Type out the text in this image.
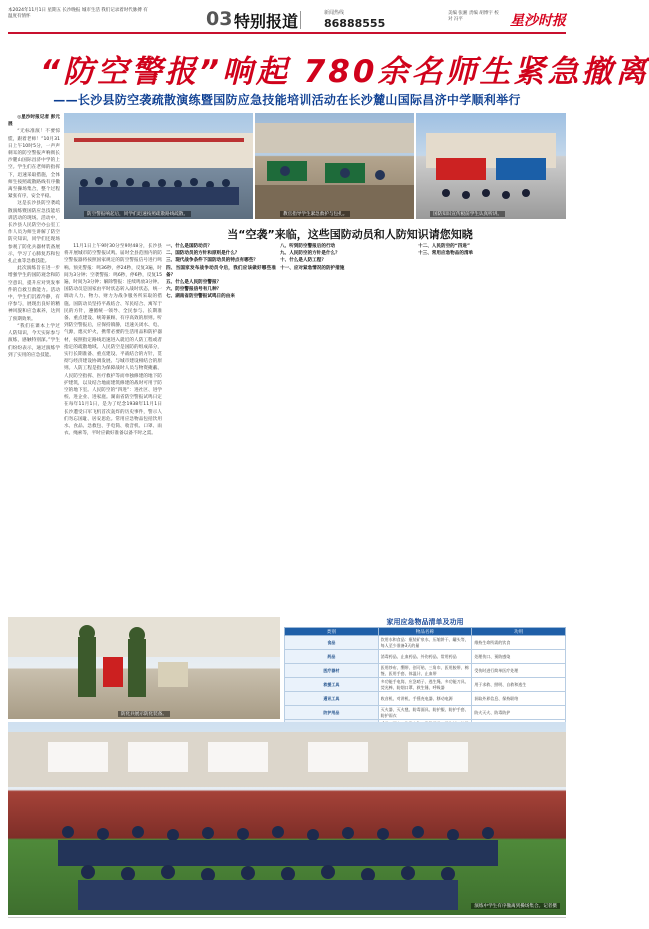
本2024年11月1日 星期五 长沙晚报 城市生活 我们记录着时代脉搏 有温度有情怀	03 特别报道	新闻热线
86888555
美编 张湘 责编 胡博宇 校对 冯平	星沙时报
“防空警报”响起 780余名师生紧急撤离
——长沙县防空袭疏散演练暨国防应急技能培训活动在长沙麓山国际昌济中学顺利举行

◎星沙时报记者 彭元展

“无标准演！不要惊慌，跟着老师！”10月31日上午10时5分，一声声刺耳的防空警报声响彻长沙麓山国际昌济中学的上空。学生们在老师的指挥下，迅速采取措施，全体师生按照疏散路线有序撤离至操场集合，整个过程紧张有序，安全平稳。

这是长沙县防空袭疏散演练暨国防应急技能培训活动的现场。活动中，长沙县人民防空办公室工作人员为师生讲解了防空防灾知识，同学们还现场参观了防化兵器材装备展示，学习了心肺复苏和包扎止血等急救技能。

此次演练旨在进一步增强学生的国防观念和防空意识，提升应对突发事件的自救互救能力。活动中，学生们沉着冷静，有序参与，展现出良好的精神风貌和应急素养，达到了预期效果。

“我们在课本上学过人防知识，今天实际参与演练，感触特别深。”学生们纷纷表示，通过演练学到了实用的应急技能。

防空警报响起后，同学们迅速按照疏散路线疏散。	教官指导学生紧急救护与包扎。	国防知识宣传板前学生认真听讲。
当“空袭”来临，这些国防动员和人防知识请您知晓

11月1日上午9时30分至9时48分，长沙县将开展城市防空警报试鸣。届时全县范围内的防空警报器将按照国家规定的防空警报信号进行鸣响。预先警报：鸣36秒，停24秒，反复3遍，时间为3分钟；空袭警报：鸣6秒，停6秒，反复15遍，时间为3分钟；解除警报：连续鸣放3分钟。国防动员是国家由平时状态转入战时状态，统一调动人力、物力、财力为战争服务所采取的措施。国防动员坚持平战结合、军民结合、寓军于民的方针，遵循统一领导、全民参与、长期准备、重点建设、统筹兼顾、有序高效的原则。听到防空警报后，应保持镇静，迅速关闭水、电、气源，熄灭炉火，携带必要的生活用品和防护器材，按照指定路线迅速进入就近的人防工程或者指定的疏散地域。人民防空是国防的组成部分，实行长期准备、重点建设、平战结合的方针，贯彻与经济建设协调发展、与城市建设相结合的原则。人防工程是指为保障战时人员与物资掩蔽、人民防空指挥、医疗救护等而单独修建的地下防护建筑，以及结合地面建筑修建的战时可用于防空的地下室。人民防空的“四进”：进社区、进学校、进企业、进家庭。湖南省防空警报试鸣日定在每年11月1日，是为了纪念1938年11月1日长沙遭受日军飞机首次轰炸的历史事件，警示人们勿忘国耻、居安思危。常用应急物品包括饮用水、食品、急救包、手电筒、收音机、口罩、雨衣、绳索等，平时应做好准备以备不时之需。

一、什么是国防动员？

二、国防动员的方针和原则是什么？

三、现代战争条件下国防动员的特点有哪些？

四、当国家发布战争动员令后，我们应该做好哪些准备？

五、什么是人民防空警报？

六、防空警报信号有几种？

七、湖南省防空警报试鸣日的由来

八、听到防空警报后的行动

九、人民防空的方针是什么？

十、什么是人防工程？

十一、应对紧急情况的防护措施

十二、人民防空的“四进”

十三、常用应急物品的清单

家用应急物品清单及功用
类别	物品名称	功用
食品	饮用水和食品：瓶装矿泉水、压缩饼干、罐头等，每人至少准备3天的量	维持生命所需的饮食
药品	消毒药品、止血药品、外伤药品、常用药品	处理伤口、预防感染
医疗器材	医用纱布、绷带、创可贴、三角巾、医用胶带、棉签、医用手套、体温计、止血带	受伤时进行简单医疗处理
救援工具	多功能手电筒、应急哨子、逃生绳、多功能刀具、荧光棒、防烟口罩、救生锤、呼吸器	用于求救、照明、自救和逃生
通讯工具	收音机、对讲机、手摇充电器、移动电源	获取外界信息、保持联络
防护用品	灭火器、灭火毯、防毒面具、防护服、防护手套、防护雨衣	防火灭火、防毒防护

防化兵展示防化装备。
演练中学生有序撤离到操场集合。记者摄
